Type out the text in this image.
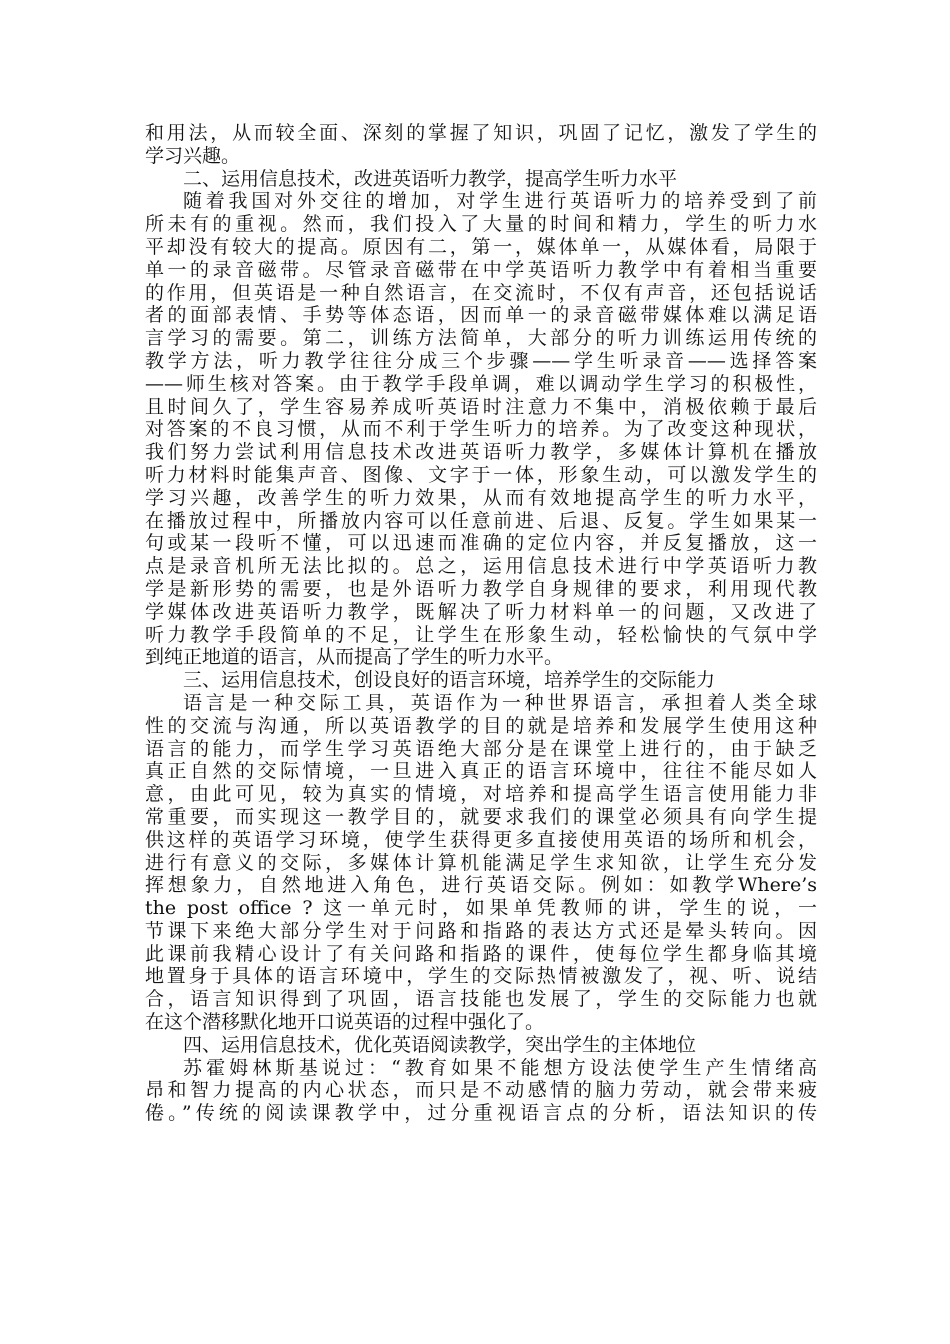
和用法，从而较全面、深刻的掌握了知识，巩固了记忆，激发了学生的
学习兴趣。
二、运用信息技术，改进英语听力教学，提高学生听力水平
随着我国对外交往的增加，对学生进行英语听力的培养受到了前
所未有的重视。然而，我们投入了大量的时间和精力，学生的听力水
平却没有较大的提高。原因有二，第一，媒体单一，从媒体看，局限于
单一的录音磁带。尽管录音磁带在中学英语听力教学中有着相当重要
的作用，但英语是一种自然语言，在交流时，不仅有声音，还包括说话
者的面部表情、手势等体态语，因而单一的录音磁带媒体难以满足语
言学习的需要。第二，训练方法简单，大部分的听力训练运用传统的
教学方法，听力教学往往分成三个步骤——学生听录音——选择答案
——师生核对答案。由于教学手段单调，难以调动学生学习的积极性，
且时间久了，学生容易养成听英语时注意力不集中，消极依赖于最后
对答案的不良习惯，从而不利于学生听力的培养。为了改变这种现状，
我们努力尝试利用信息技术改进英语听力教学，多媒体计算机在播放
听力材料时能集声音、图像、文字于一体，形象生动，可以激发学生的
学习兴趣，改善学生的听力效果，从而有效地提高学生的听力水平，
在播放过程中，所播放内容可以任意前进、后退、反复。学生如果某一
句或某一段听不懂，可以迅速而准确的定位内容，并反复播放，这一
点是录音机所无法比拟的。总之，运用信息技术进行中学英语听力教
学是新形势的需要，也是外语听力教学自身规律的要求，利用现代教
学媒体改进英语听力教学，既解决了听力材料单一的问题，又改进了
听力教学手段简单的不足，让学生在形象生动，轻松愉快的气氛中学
到纯正地道的语言，从而提高了学生的听力水平。
三、运用信息技术，创设良好的语言环境，培养学生的交际能力
语言是一种交际工具，英语作为一种世界语言，承担着人类全球
性的交流与沟通，所以英语教学的目的就是培养和发展学生使用这种
语言的能力，而学生学习英语绝大部分是在课堂上进行的，由于缺乏
真正自然的交际情境，一旦进入真正的语言环境中，往往不能尽如人
意，由此可见，较为真实的情境，对培养和提高学生语言使用能力非
常重要，而实现这一教学目的，就要求我们的课堂必须具有向学生提
供这样的英语学习环境，使学生获得更多直接使用英语的场所和机会，
进行有意义的交际，多媒体计算机能满足学生求知欲，让学生充分发
挥想象力，自然地进入角色，进行英语交际。例如：如教学Where’s
the post office ? 这一单元时，如果单凭教师的讲，学生的说，一
节课下来绝大部分学生对于问路和指路的表达方式还是晕头转向。因
此课前我精心设计了有关问路和指路的课件，使每位学生都身临其境
地置身于具体的语言环境中，学生的交际热情被激发了，视、听、说结
合，语言知识得到了巩固，语言技能也发展了，学生的交际能力也就
在这个潜移默化地开口说英语的过程中强化了。
四、运用信息技术，优化英语阅读教学，突出学生的主体地位
苏霍姆林斯基说过：“教育如果不能想方设法使学生产生情绪高
昂和智力提高的内心状态，而只是不动感情的脑力劳动，就会带来疲
倦。”传统的阅读课教学中，过分重视语言点的分析，语法知识的传
